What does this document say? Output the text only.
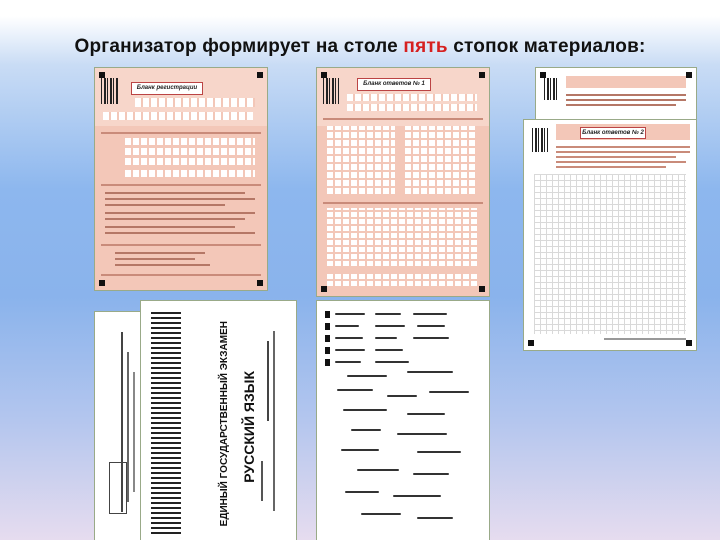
Организатор формирует на столе пять стопок материалов:
Бланк регистрации
Бланк ответов № 1
Бланк ответов № 2
ЕДИНЫЙ ГОСУДАРСТВЕННЫЙ ЭКЗАМЕН РУССКИЙ ЯЗЫК
